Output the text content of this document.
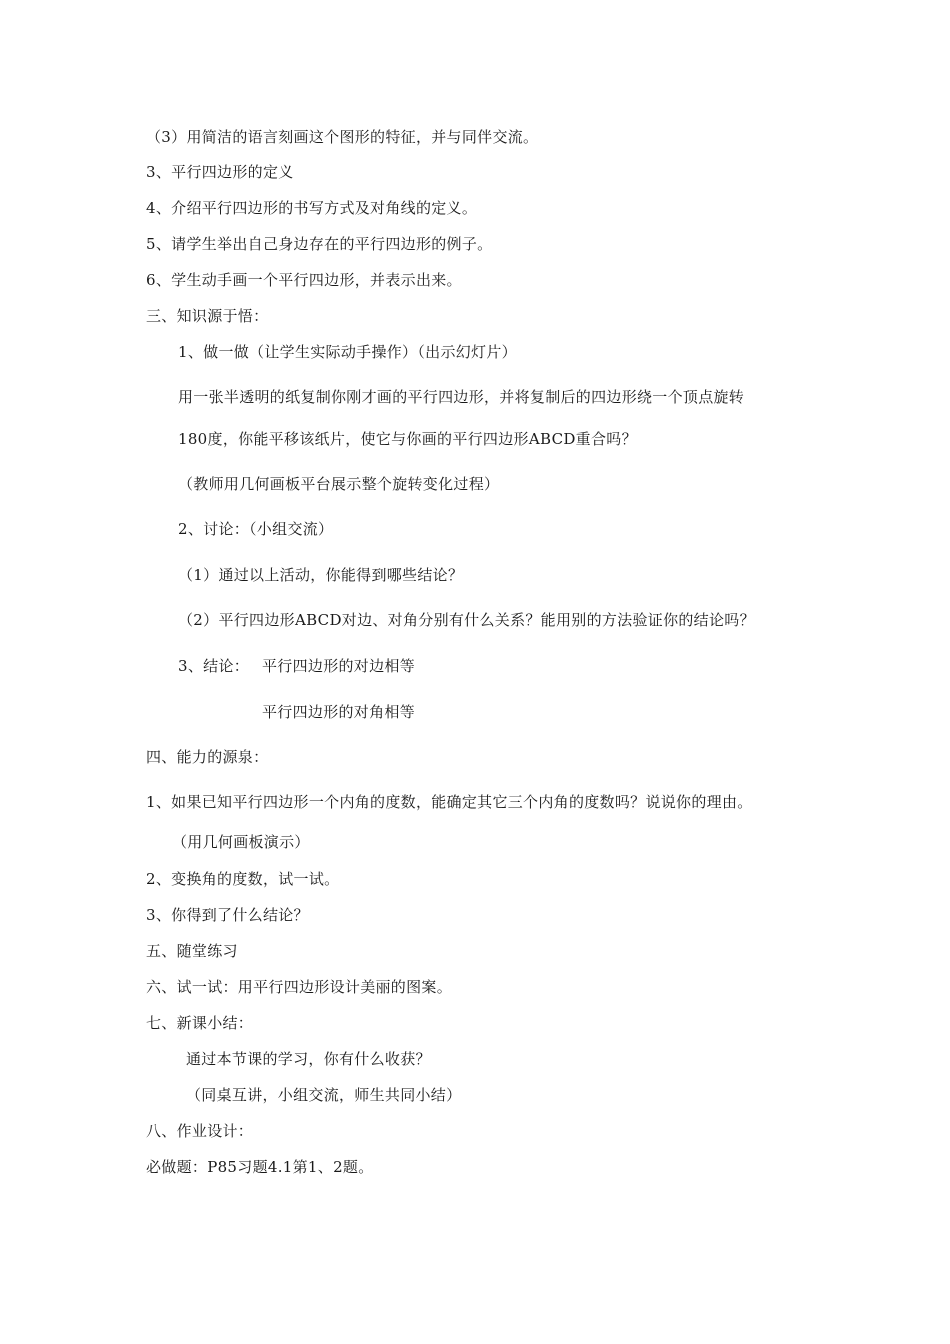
（3）用简洁的语言刻画这个图形的特征，并与同伴交流。
3、平行四边形的定义
4、介绍平行四边形的书写方式及对角线的定义。
5、请学生举出自己身边存在的平行四边形的例子。
6、学生动手画一个平行四边形，并表示出来。
三、知识源于悟：
1、做一做（让学生实际动手操作）（出示幻灯片）
用一张半透明的纸复制你刚才画的平行四边形，并将复制后的四边形绕一个顶点旋转
180度，你能平移该纸片，使它与你画的平行四边形ABCD重合吗？
（教师用几何画板平台展示整个旋转变化过程）
2、讨论：（小组交流）
（1）通过以上活动，你能得到哪些结论？
（2）平行四边形ABCD对边、对角分别有什么关系？能用别的方法验证你的结论吗？
3、结论： 平行四边形的对边相等
平行四边形的对角相等
四、能力的源泉：
1、如果已知平行四边形一个内角的度数，能确定其它三个内角的度数吗？说说你的理由。
（用几何画板演示）
2、变换角的度数，试一试。
3、你得到了什么结论？
五、随堂练习
六、试一试：用平行四边形设计美丽的图案。
七、新课小结：
通过本节课的学习，你有什么收获？
（同桌互讲，小组交流，师生共同小结）
八、作业设计：
必做题：P85习题4.1第1、2题。
